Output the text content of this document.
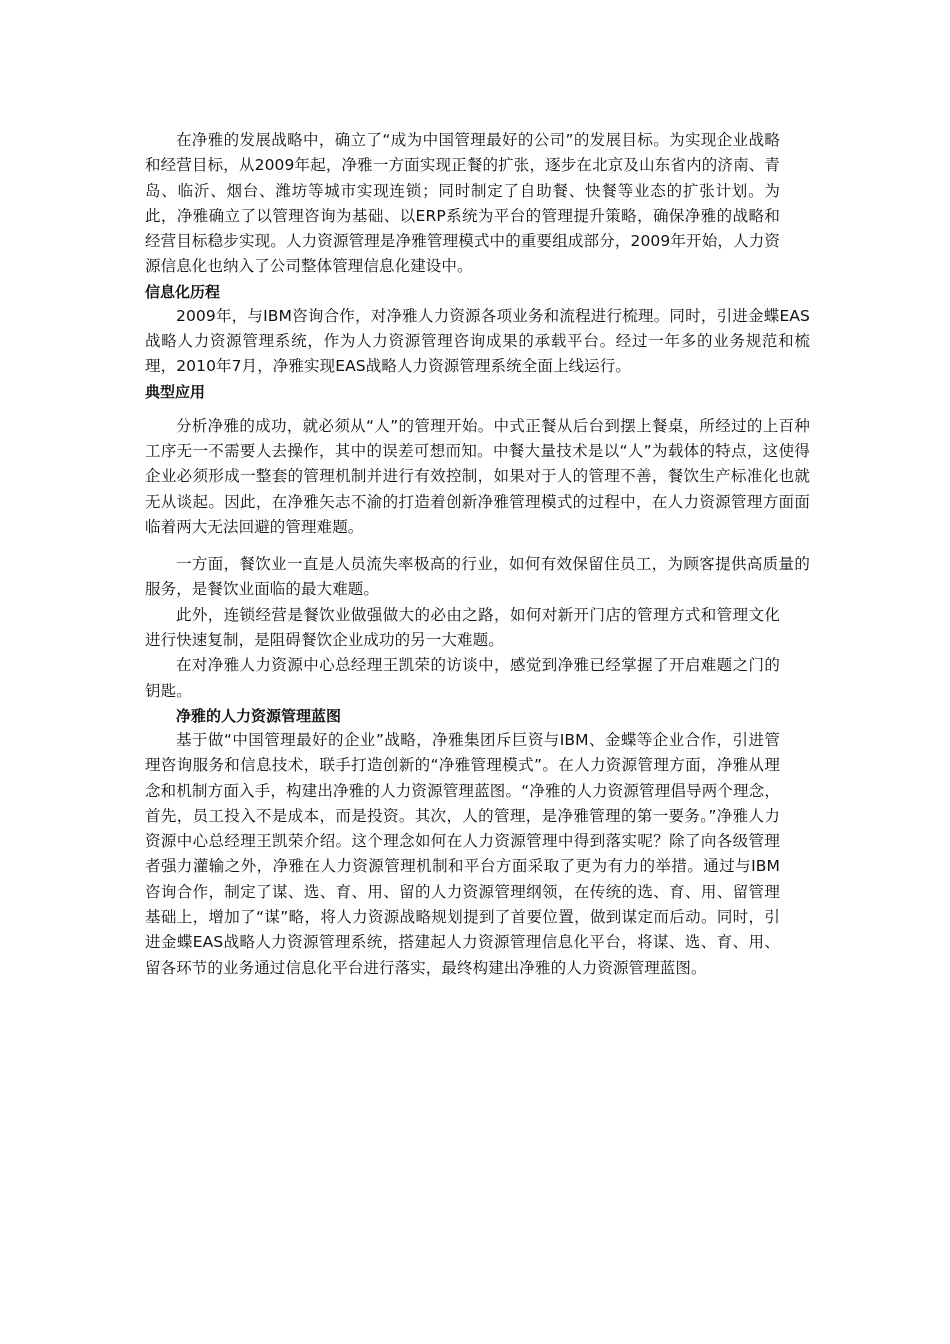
在净雅的发展战略中，确立了“成为中国管理最好的公司”的发展目标。为实现企业战略和经营目标，从2009年起，净雅一方面实现正餐的扩张，逐步在北京及山东省内的济南、青岛、临沂、烟台、潍坊等城市实现连锁；同时制定了自助餐、快餐等业态的扩张计划。为此，净雅确立了以管理咨询为基础、以ERP系统为平台的管理提升策略，确保净雅的战略和经营目标稳步实现。人力资源管理是净雅管理模式中的重要组成部分，2009年开始，人力资源信息化也纳入了公司整体管理信息化建设中。

信息化历程

2009年，与IBM咨询合作，对净雅人力资源各项业务和流程进行梳理。同时，引进金蝶EAS战略人力资源管理系统，作为人力资源管理咨询成果的承载平台。经过一年多的业务规范和梳理，2010年7月，净雅实现EAS战略人力资源管理系统全面上线运行。

典型应用

分析净雅的成功，就必须从“人”的管理开始。中式正餐从后台到摆上餐桌，所经过的上百种工序无一不需要人去操作，其中的误差可想而知。中餐大量技术是以“人”为载体的特点，这使得企业必须形成一整套的管理机制并进行有效控制，如果对于人的管理不善，餐饮生产标准化也就无从谈起。因此，在净雅矢志不渝的打造着创新净雅管理模式的过程中，在人力资源管理方面面临着两大无法回避的管理难题。

一方面，餐饮业一直是人员流失率极高的行业，如何有效保留住员工，为顾客提供高质量的服务，是餐饮业面临的最大难题。

此外，连锁经营是餐饮业做强做大的必由之路，如何对新开门店的管理方式和管理文化进行快速复制，是阻碍餐饮企业成功的另一大难题。

在对净雅人力资源中心总经理王凯荣的访谈中，感觉到净雅已经掌握了开启难题之门的钥匙。

净雅的人力资源管理蓝图

基于做“中国管理最好的企业”战略，净雅集团斥巨资与IBM、金蝶等企业合作，引进管理咨询服务和信息技术，联手打造创新的“净雅管理模式”。在人力资源管理方面，净雅从理念和机制方面入手，构建出净雅的人力资源管理蓝图。“净雅的人力资源管理倡导两个理念，首先，员工投入不是成本，而是投资。其次，人的管理，是净雅管理的第一要务。”净雅人力资源中心总经理王凯荣介绍。这个理念如何在人力资源管理中得到落实呢？除了向各级管理者强力灌输之外，净雅在人力资源管理机制和平台方面采取了更为有力的举措。通过与IBM咨询合作，制定了谋、选、育、用、留的人力资源管理纲领，在传统的选、育、用、留管理基础上，增加了“谋”略，将人力资源战略规划提到了首要位置，做到谋定而后动。同时，引进金蝶EAS战略人力资源管理系统，搭建起人力资源管理信息化平台，将谋、选、育、用、留各环节的业务通过信息化平台进行落实，最终构建出净雅的人力资源管理蓝图。
